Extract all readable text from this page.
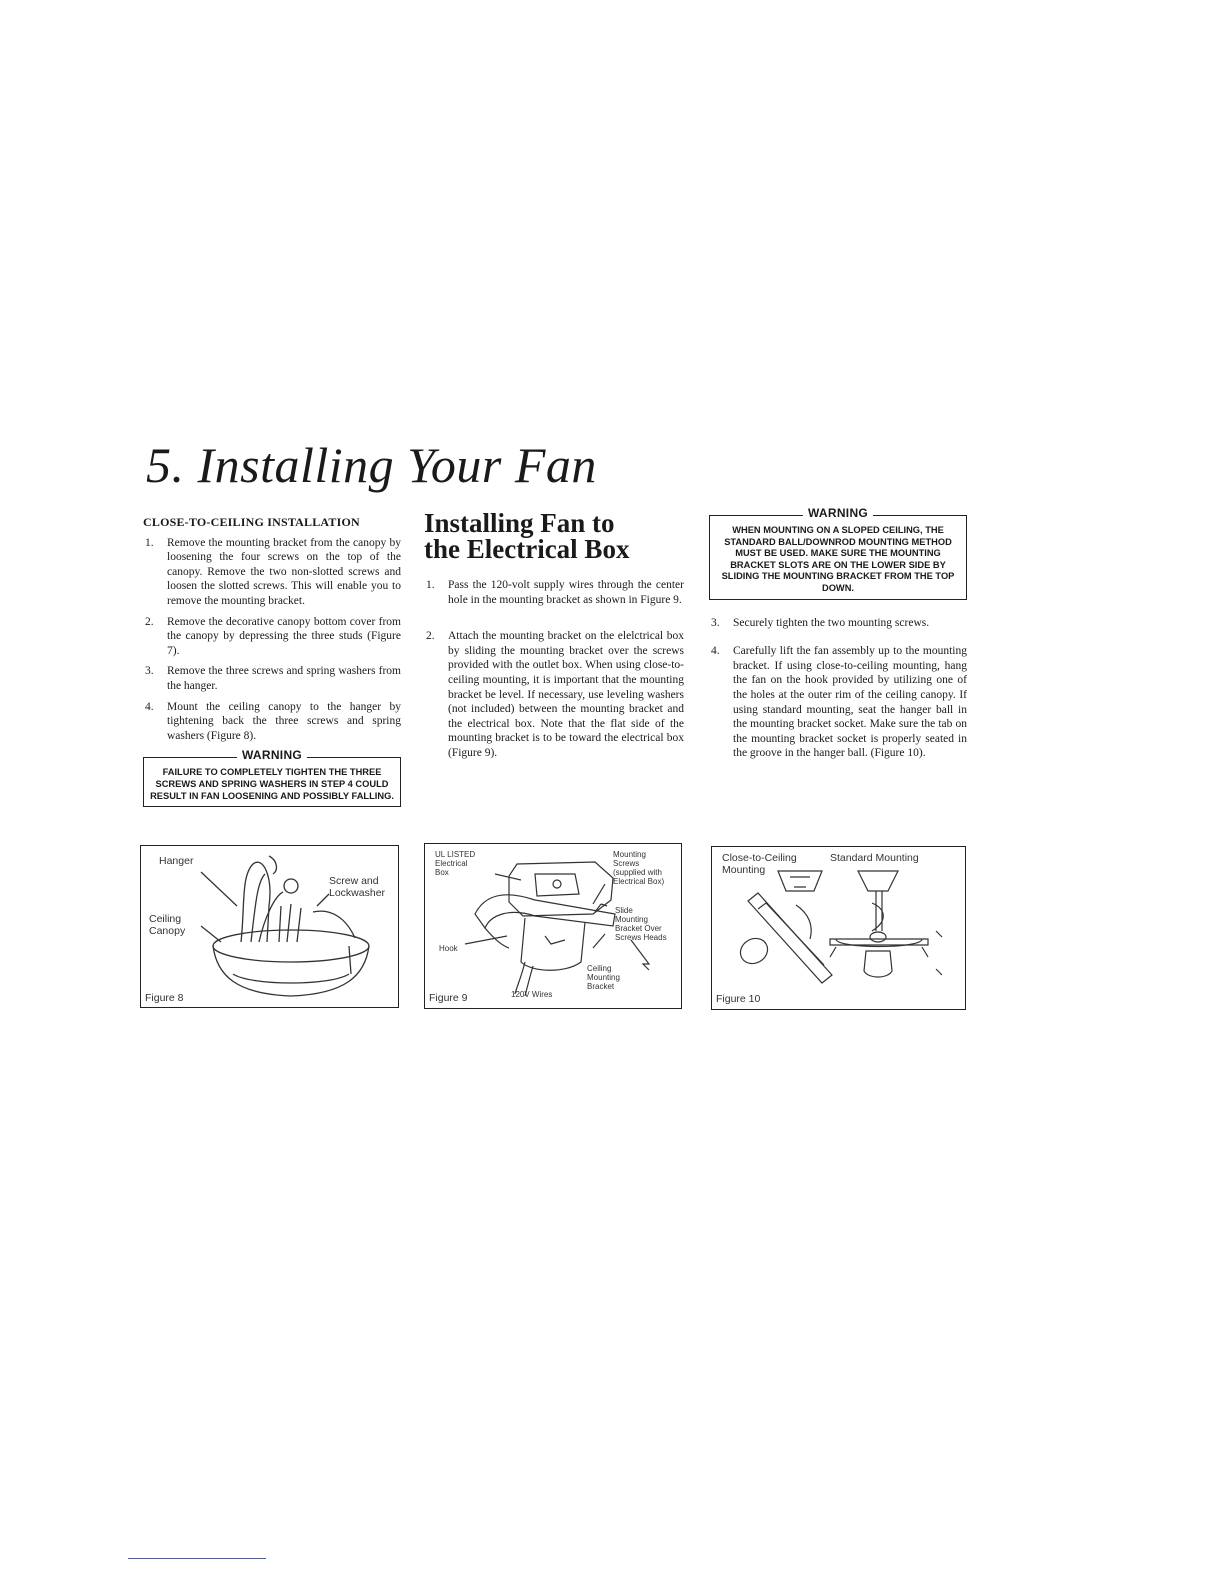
5. Installing Your Fan
CLOSE-TO-CEILING INSTALLATION
1.	Remove the mounting bracket from the canopy by loosening the four screws on the top of the canopy. Remove the two non-slotted screws and loosen the slotted screws. This will enable you to remove the mounting bracket.
2.	Remove the decorative canopy bottom cover from the canopy by depressing the three studs (Figure 7).
3.	Remove the three screws and spring washers from the hanger.
4.	Mount the ceiling canopy to the hanger by tightening back the three screws and spring washers (Figure 8).
WARNING
FAILURE TO COMPLETELY TIGHTEN THE THREE SCREWS AND SPRING WASHERS IN STEP 4 COULD RESULT IN FAN LOOSENING AND POSSIBLY FALLING.
Installing Fan to
the Electrical Box
1.	Pass the 120-volt supply wires through the center hole in the mounting bracket as shown in Figure 9.
2.	Attach the mounting bracket on the elelctrical box by sliding the mounting bracket over the screws provided with the outlet box. When using close-to-ceiling mounting, it is important that the mounting bracket be level. If necessary, use leveling washers (not included) between the mounting bracket and the electrical box. Note that the flat side of the mounting bracket is to be toward the electrical box (Figure 9).
WARNING
WHEN MOUNTING ON A SLOPED CEILING, THE STANDARD BALL/DOWNROD MOUNTING METHOD MUST BE USED. MAKE SURE THE MOUNTING BRACKET SLOTS ARE ON THE LOWER SIDE BY SLIDING THE MOUNTING BRACKET FROM THE TOP DOWN.
3.	Securely tighten the two mounting screws.
4.	Carefully lift the fan assembly up to the mounting bracket. If using close-to-ceiling mounting, hang the fan on the hook provided by utilizing one of the holes at the outer rim of the ceiling canopy. If using standard mounting, seat the hanger ball in the mounting bracket socket. Make sure the tab on the mounting bracket socket is properly seated in the groove in the hanger ball. (Figure 10).
Hanger
Screw and
Lockwasher
Ceiling
Canopy
Figure 8
UL LISTED
Electrical
Box
Mounting
Screws
(supplied with
Electrical Box)
Slide
Mounting
Bracket Over
Screws Heads
Hook
Ceiling
Mounting
Bracket
120V Wires
Figure 9
Close-to-Ceiling
Mounting
Standard Mounting
Figure 10
